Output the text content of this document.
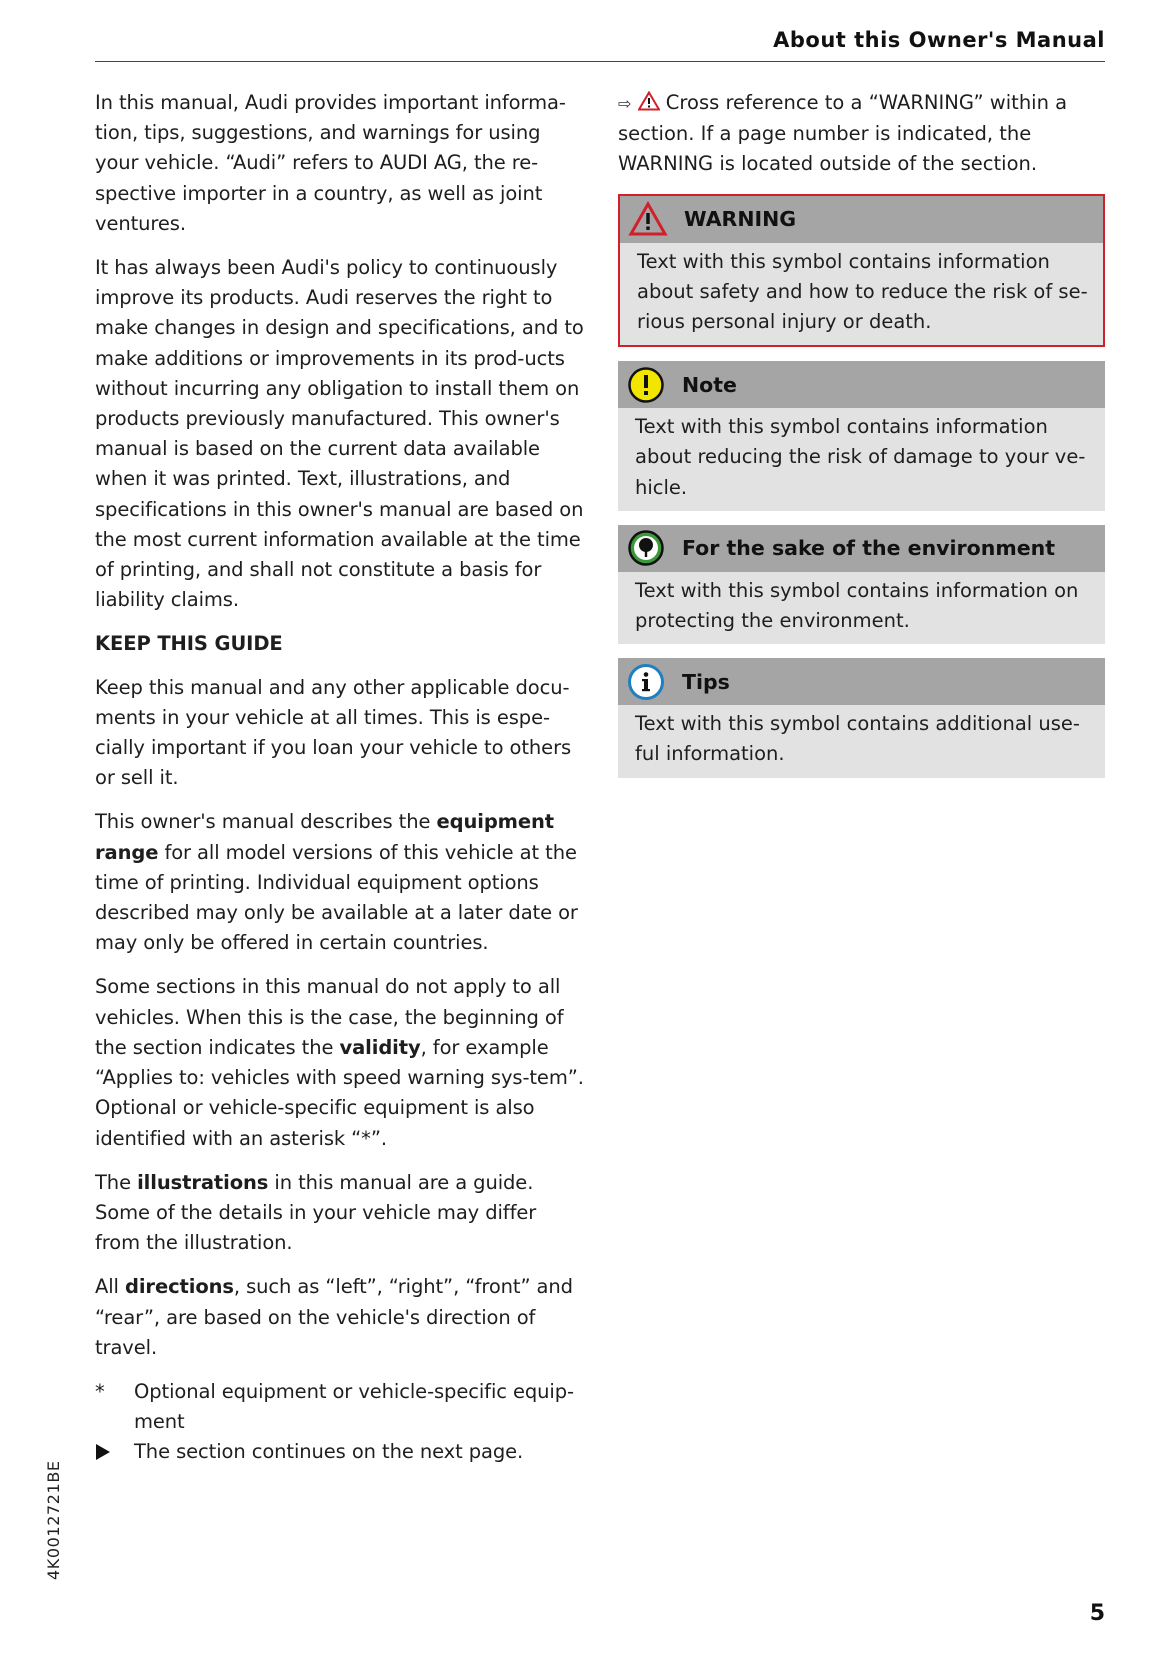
About this Owner's Manual

In this manual, Audi provides important informa-tion, tips, suggestions, and warnings for using your vehicle. “Audi” refers to AUDI AG, the re-spective importer in a country, as well as joint ventures.

It has always been Audi's policy to continuously improve its products. Audi reserves the right to make changes in design and specifications, and to make additions or improvements in its prod-ucts without incurring any obligation to install them on products previously manufactured. This owner's manual is based on the current data available when it was printed. Text, illustrations, and specifications in this owner's manual are based on the most current information available at the time of printing, and shall not constitute a basis for liability claims.

KEEP THIS GUIDE

Keep this manual and any other applicable docu-ments in your vehicle at all times. This is espe-cially important if you loan your vehicle to others or sell it.

This owner's manual describes the equipment range for all model versions of this vehicle at the time of printing. Individual equipment options described may only be available at a later date or may only be offered in certain countries.

Some sections in this manual do not apply to all vehicles. When this is the case, the beginning of the section indicates the validity, for example “Applies to: vehicles with speed warning sys-tem”. Optional or vehicle-specific equipment is also identified with an asterisk “*”.

The illustrations in this manual are a guide. Some of the details in your vehicle may differ from the illustration.

All directions, such as “left”, “right”, “front” and “rear”, are based on the vehicle's direction of travel.

*	Optional equipment or vehicle-specific equip-ment
The section continues on the next page.

⇨  Cross reference to a “WARNING” within a section. If a page number is indicated, the WARNING is located outside of the section.

WARNING
Text with this symbol contains information about safety and how to reduce the risk of se-rious personal injury or death.
Note
Text with this symbol contains information about reducing the risk of damage to your ve-hicle.
For the sake of the environment
Text with this symbol contains information on protecting the environment.
Tips
Text with this symbol contains additional use-ful information.
4K0012721BE
5
